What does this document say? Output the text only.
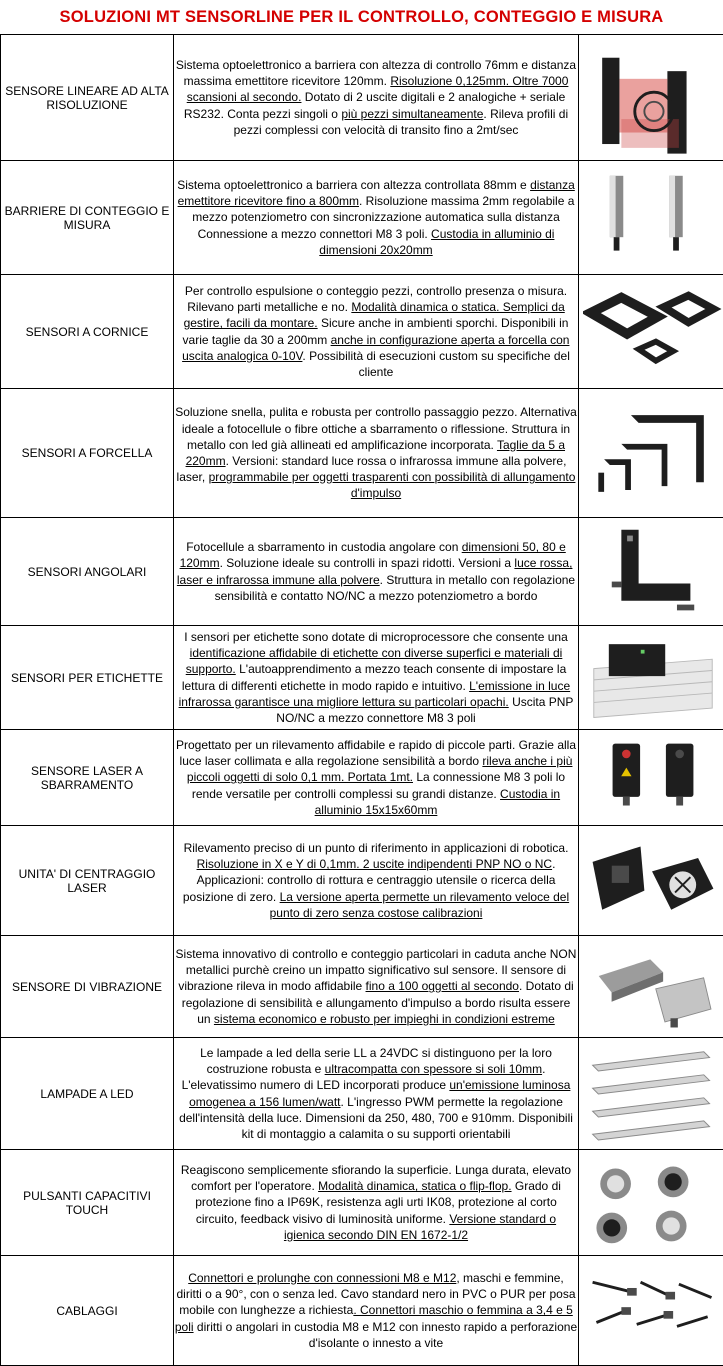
SOLUZIONI MT SENSORLINE PER IL CONTROLLO, CONTEGGIO E MISURA
SENSORE LINEARE AD ALTA RISOLUZIONE	Sistema optoelettronico a barriera con altezza di controllo 76mm e distanza massima emettitore ricevitore 120mm. Risoluzione 0,125mm. Oltre 7000 scansioni al secondo. Dotato di 2 uscite digitali e 2 analogiche + seriale RS232. Conta pezzi singoli o più pezzi simultaneamente. Rileva profili di pezzi complessi con velocità di transito fino a 2mt/sec	

BARRIERE DI CONTEGGIO E MISURA	Sistema optoelettronico a barriera con altezza controllata 88mm e distanza emettitore ricevitore fino a 800mm. Risoluzione massima 2mm regolabile a mezzo potenziometro con sincronizzazione automatica sulla distanza Connessione a mezzo connettori M8 3 poli. Custodia in alluminio di dimensioni 20x20mm	

SENSORI A CORNICE	Per controllo espulsione o conteggio pezzi, controllo presenza o misura. Rilevano parti metalliche e no. Modalità dinamica o statica. Semplici da gestire, facili da montare. Sicure anche in ambienti sporchi. Disponibili in varie taglie da 30 a 200mm anche in configurazione aperta a forcella con uscita analogica 0-10V. Possibilità di esecuzioni custom su specifiche del cliente	

SENSORI A FORCELLA	Soluzione snella, pulita e robusta per controllo passaggio pezzo. Alternativa ideale a fotocellule o fibre ottiche a sbarramento o riflessione. Struttura in metallo con led già allineati ed amplificazione incorporata. Taglie da 5 a 220mm. Versioni: standard luce rossa o infrarossa immune alla polvere, laser, programmabile per oggetti trasparenti con possibilità di allungamento d'impulso	

SENSORI ANGOLARI	Fotocellule a sbarramento in custodia angolare con dimensioni 50, 80 e 120mm. Soluzione ideale su controlli in spazi ridotti. Versioni a luce rossa, laser e infrarossa immune alla polvere. Struttura in metallo con regolazione sensibilità e contatto NO/NC a mezzo potenziometro a bordo	

SENSORI PER ETICHETTE	I sensori per etichette sono dotate di microprocessore che consente una identificazione affidabile di etichette con diverse superfici e materiali di supporto. L'autoapprendimento a mezzo teach consente di impostare la lettura di differenti etichette in modo rapido e intuitivo. L'emissione in luce infrarossa garantisce una migliore lettura su particolari opachi. Uscita PNP NO/NC a mezzo connettore M8 3 poli	

SENSORE LASER A SBARRAMENTO	Progettato per un rilevamento affidabile e rapido di piccole parti. Grazie alla luce laser collimata e alla regolazione sensibilità a bordo rileva anche i più piccoli oggetti di solo 0,1 mm. Portata 1mt. La connessione M8 3 poli lo rende versatile per controlli complessi su grandi distanze. Custodia in alluminio 15x15x60mm	

UNITA' DI CENTRAGGIO LASER	Rilevamento preciso di un punto di riferimento in applicazioni di robotica. Risoluzione in X e Y di 0,1mm. 2 uscite indipendenti PNP NO o NC. Applicazioni: controllo di rottura e centraggio utensile o ricerca della posizione di zero. La versione aperta permette un rilevamento veloce del punto di zero senza costose calibrazioni	

SENSORE DI VIBRAZIONE	Sistema innovativo di controllo e conteggio particolari in caduta anche NON metallici purchè creino un impatto significativo sul sensore. Il sensore di vibrazione rileva in modo affidabile fino a 100 oggetti al secondo. Dotato di regolazione di sensibilità e allungamento d'impulso a bordo risulta essere un sistema economico e robusto per impieghi in condizioni estreme	

LAMPADE A LED	Le lampade a led della serie LL a 24VDC si distinguono per la loro costruzione robusta e ultracompatta con spessore si soli 10mm. L'elevatissimo numero di LED incorporati produce un'emissione luminosa omogenea a 156 lumen/watt. L'ingresso PWM permette la regolazione dell'intensità della luce. Dimensioni da 250, 480, 700 e 910mm. Disponibili kit di montaggio a calamita o su supporti orientabili	

PULSANTI CAPACITIVI TOUCH	Reagiscono semplicemente sfiorando la superficie. Lunga durata, elevato comfort per l'operatore. Modalità dinamica, statica o flip-flop. Grado di protezione fino a IP69K, resistenza agli urti IK08, protezione al corto circuito, feedback visivo di luminosità uniforme. Versione standard o igienica secondo DIN EN 1672-1/2	

CABLAGGI	Connettori e prolunghe con connessioni M8 e M12, maschi e femmine, diritti o a 90°, con o senza led. Cavo standard nero in PVC o PUR per posa mobile con lunghezze a richiesta. Connettori maschio o femmina a 3,4 e 5 poli diritti o angolari in custodia M8 e M12 con innesto rapido a perforazione d'isolante o innesto a vite	
